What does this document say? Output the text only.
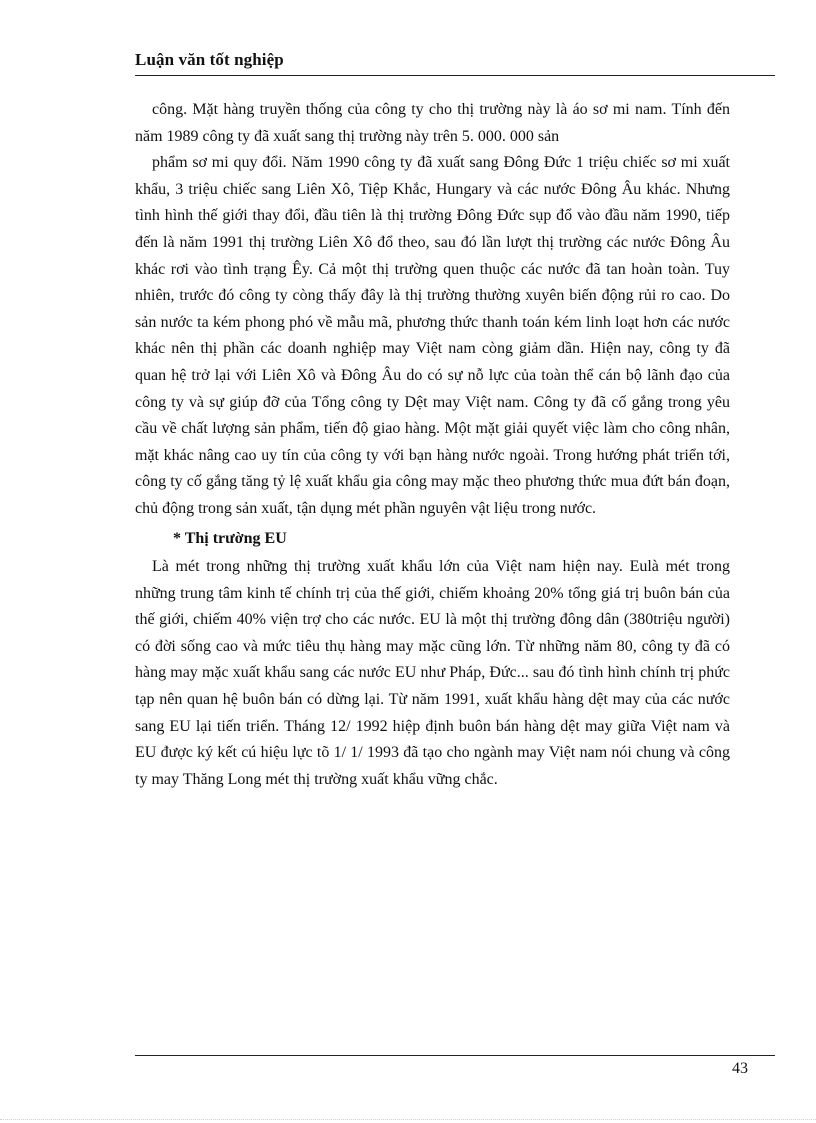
Luận văn tốt nghiệp

công. Mặt hàng truyền thống của công ty cho thị trường này là áo sơ mi nam. Tính đến năm 1989 công ty đã xuất sang thị trường này trên 5. 000. 000 sản

phẩm sơ mi quy đổi. Năm 1990 công ty đã xuất sang Đông Đức 1 triệu chiếc sơ mi xuất khẩu, 3 triệu chiếc sang Liên Xô, Tiệp Khắc, Hungary và các nước Đông Âu khác. Nhưng tình hình thế giới thay đổi, đầu tiên là thị trường Đông Đức sụp đổ vào đầu năm 1990, tiếp đến là năm 1991 thị trường Liên Xô đổ theo, sau đó lần lượt thị trường các nước Đông Âu khác rơi vào tình trạng Êy. Cả một thị trường quen thuộc các nước đã tan hoàn toàn. Tuy nhiên, trước đó công ty còng thấy đây là thị trường thường xuyên biến động rủi ro cao. Do sản nước ta kém phong phó về mẫu mã, phương thức thanh toán kém linh loạt hơn các nước khác nên thị phần các doanh nghiệp may Việt nam còng giảm dần. Hiện nay, công ty đã quan hệ trở lại với Liên Xô và Đông Âu do có sự nỗ lực của toàn thể cán bộ lãnh đạo của công ty và sự giúp đỡ của Tổng công ty Dệt may Việt nam. Công ty đã cố gắng trong yêu cầu về chất lượng sản phẩm, tiến độ giao hàng. Một mặt giải quyết việc làm cho công nhân, mặt khác nâng cao uy tín của công ty với bạn hàng nước ngoài. Trong hướng phát triển tới, công ty cố gắng tăng tỷ lệ xuất khẩu gia công may mặc theo phương thức mua đứt bán đoạn, chủ động trong sản xuất, tận dụng mét phần nguyên vật liệu trong nước.

* Thị trường EU

Là mét trong những thị trường xuất khẩu lớn của Việt nam hiện nay. Eulà mét trong những trung tâm kinh tế chính trị của thế giới, chiếm khoảng 20% tổng giá trị buôn bán của thế giới, chiếm 40% viện trợ cho các nước. EU là một thị trường đông dân (380triệu người) có đời sống cao và mức tiêu thụ hàng may mặc cũng lớn. Từ những năm 80, công ty đã có hàng may mặc xuất khẩu sang các nước EU như Pháp, Đức... sau đó tình hình chính trị phức tạp nên quan hệ buôn bán có dừng lại. Từ năm 1991, xuất khẩu hàng dệt may của các nước sang EU lại tiến triển. Tháng 12/ 1992 hiệp định buôn bán hàng dệt may giữa Việt nam và EU được ký kết cú hiệu lực tõ 1/ 1/ 1993 đã tạo cho ngành may Việt nam nói chung và công ty may Thăng Long mét thị trường xuất khẩu vững chắc.

43
